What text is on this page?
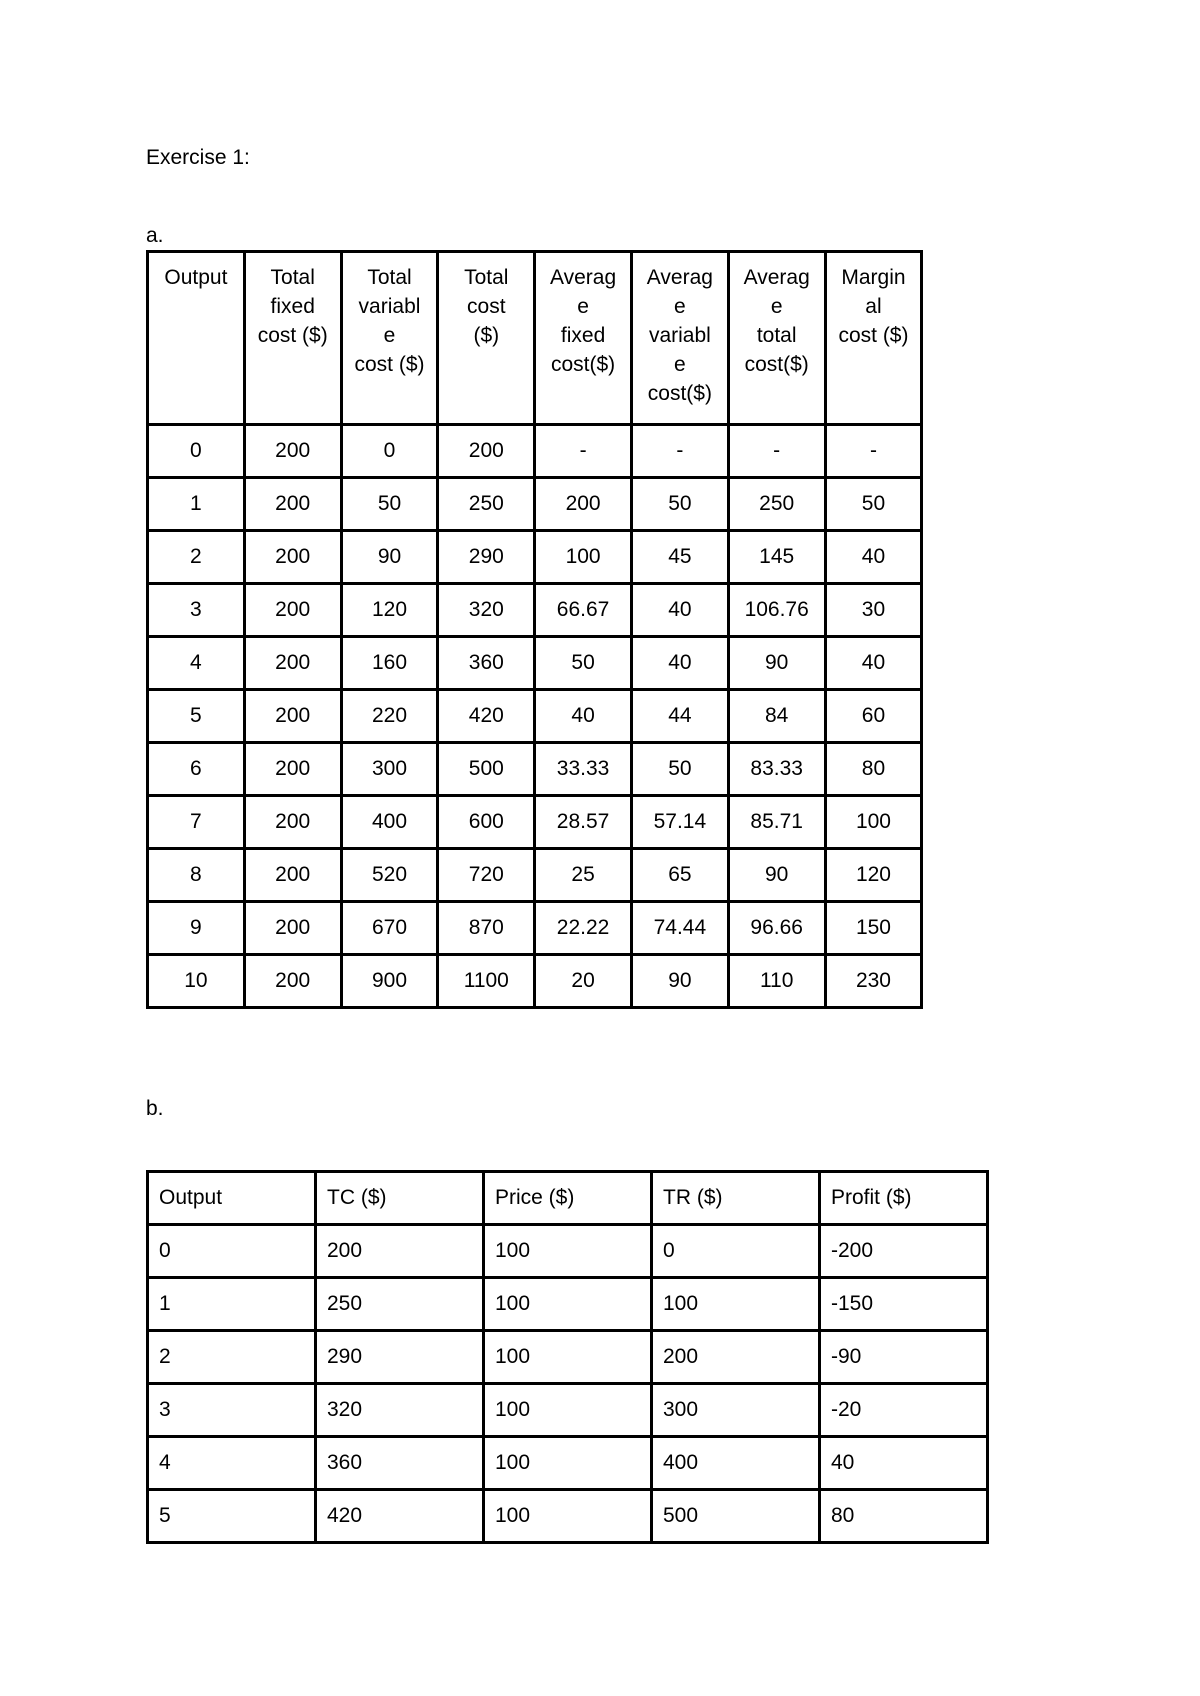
Exercise 1:
a.
Output	Total
fixed
cost ($)	Total
variabl
e
cost ($)	Total
cost
($)	Averag
e
fixed
cost($)	Averag
e
variabl
e
cost($)	Averag
e
total
cost($)	Margin
al
cost ($)
0	200	0	200	-	-	-	-
1	200	50	250	200	50	250	50
2	200	90	290	100	45	145	40
3	200	120	320	66.67	40	106.76	30
4	200	160	360	50	40	90	40
5	200	220	420	40	44	84	60
6	200	300	500	33.33	50	83.33	80
7	200	400	600	28.57	57.14	85.71	100
8	200	520	720	25	65	90	120
9	200	670	870	22.22	74.44	96.66	150
10	200	900	1100	20	90	110	230
b.
Output	TC ($)	Price ($)	TR ($)	Profit ($)
0	200	100	0	-200
1	250	100	100	-150
2	290	100	200	-90
3	320	100	300	-20
4	360	100	400	40
5	420	100	500	80
